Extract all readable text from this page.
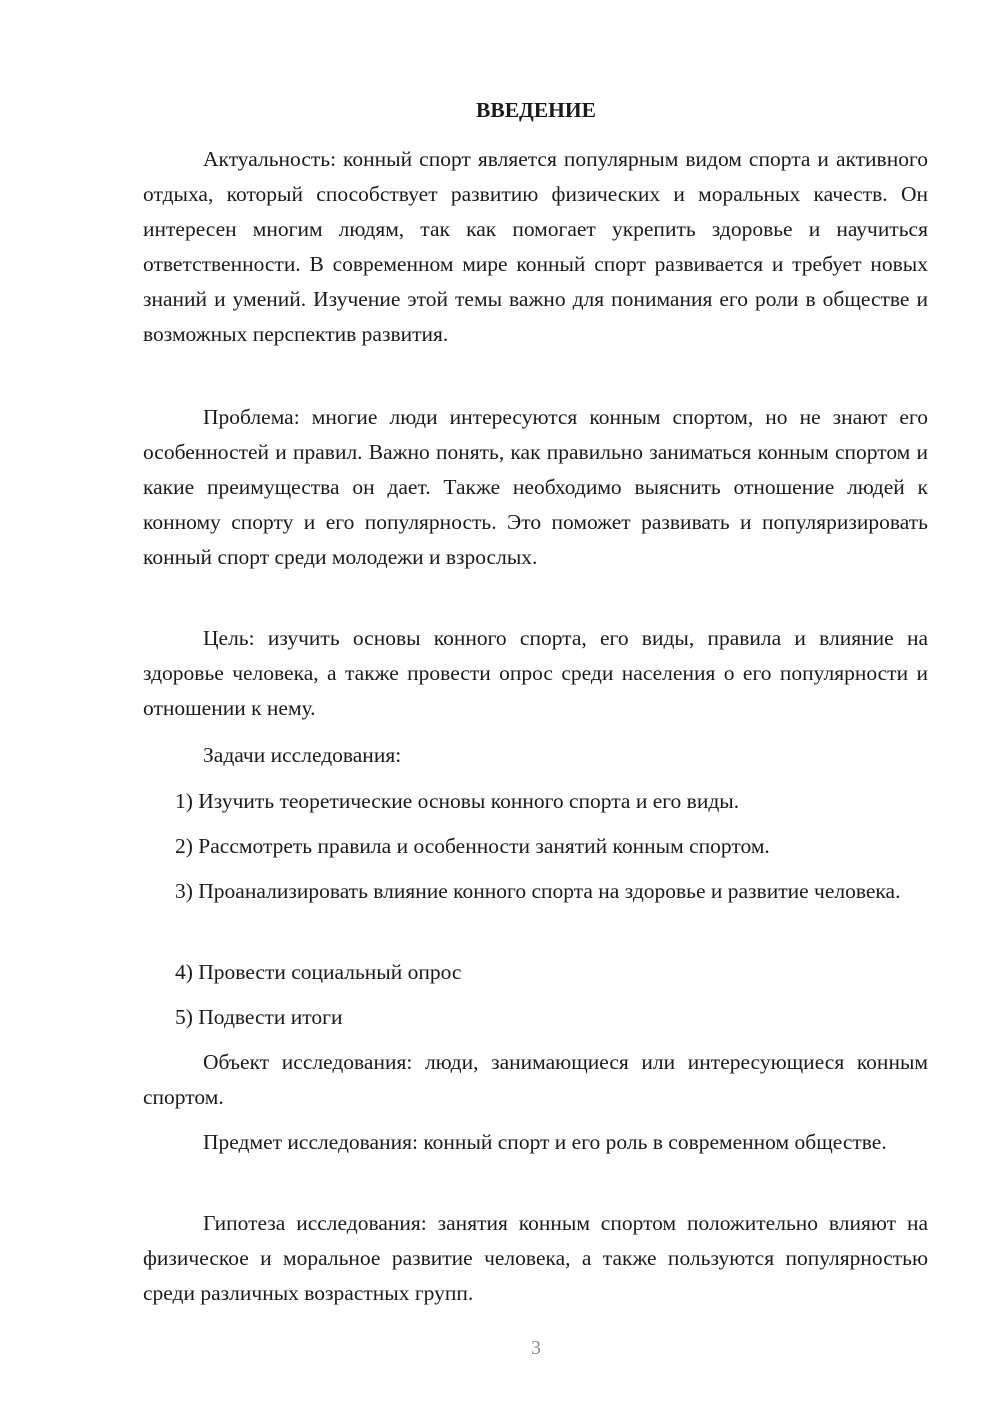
ВВЕДЕНИЕ

Актуальность: конный спорт является популярным видом спорта и активного отдыха, который способствует развитию физических и моральных качеств. Он интересен многим людям, так как помогает укрепить здоровье и научиться ответственности. В современном мире конный спорт развивается и требует новых знаний и умений. Изучение этой темы важно для понимания его роли в обществе и возможных перспектив развития.

Проблема: многие люди интересуются конным спортом, но не знают его особенностей и правил. Важно понять, как правильно заниматься конным спортом и какие преимущества он дает. Также необходимо выяснить отношение людей к конному спорту и его популярность. Это поможет развивать и популяризировать конный спорт среди молодежи и взрослых.

Цель: изучить основы конного спорта, его виды, правила и влияние на здоровье человека, а также провести опрос среди населения о его популярности и отношении к нему.

Задачи исследования:

1) Изучить теоретические основы конного спорта и его виды.

2) Рассмотреть правила и особенности занятий конным спортом.

3) Проанализировать влияние конного спорта на здоровье и развитие человека.

4) Провести социальный опрос

5) Подвести итоги

Объект исследования: люди, занимающиеся или интересующиеся конным спортом.

Предмет исследования: конный спорт и его роль в современном обществе.

Гипотеза исследования: занятия конным спортом положительно влияют на физическое и моральное развитие человека, а также пользуются популярностью среди различных возрастных групп.

3
